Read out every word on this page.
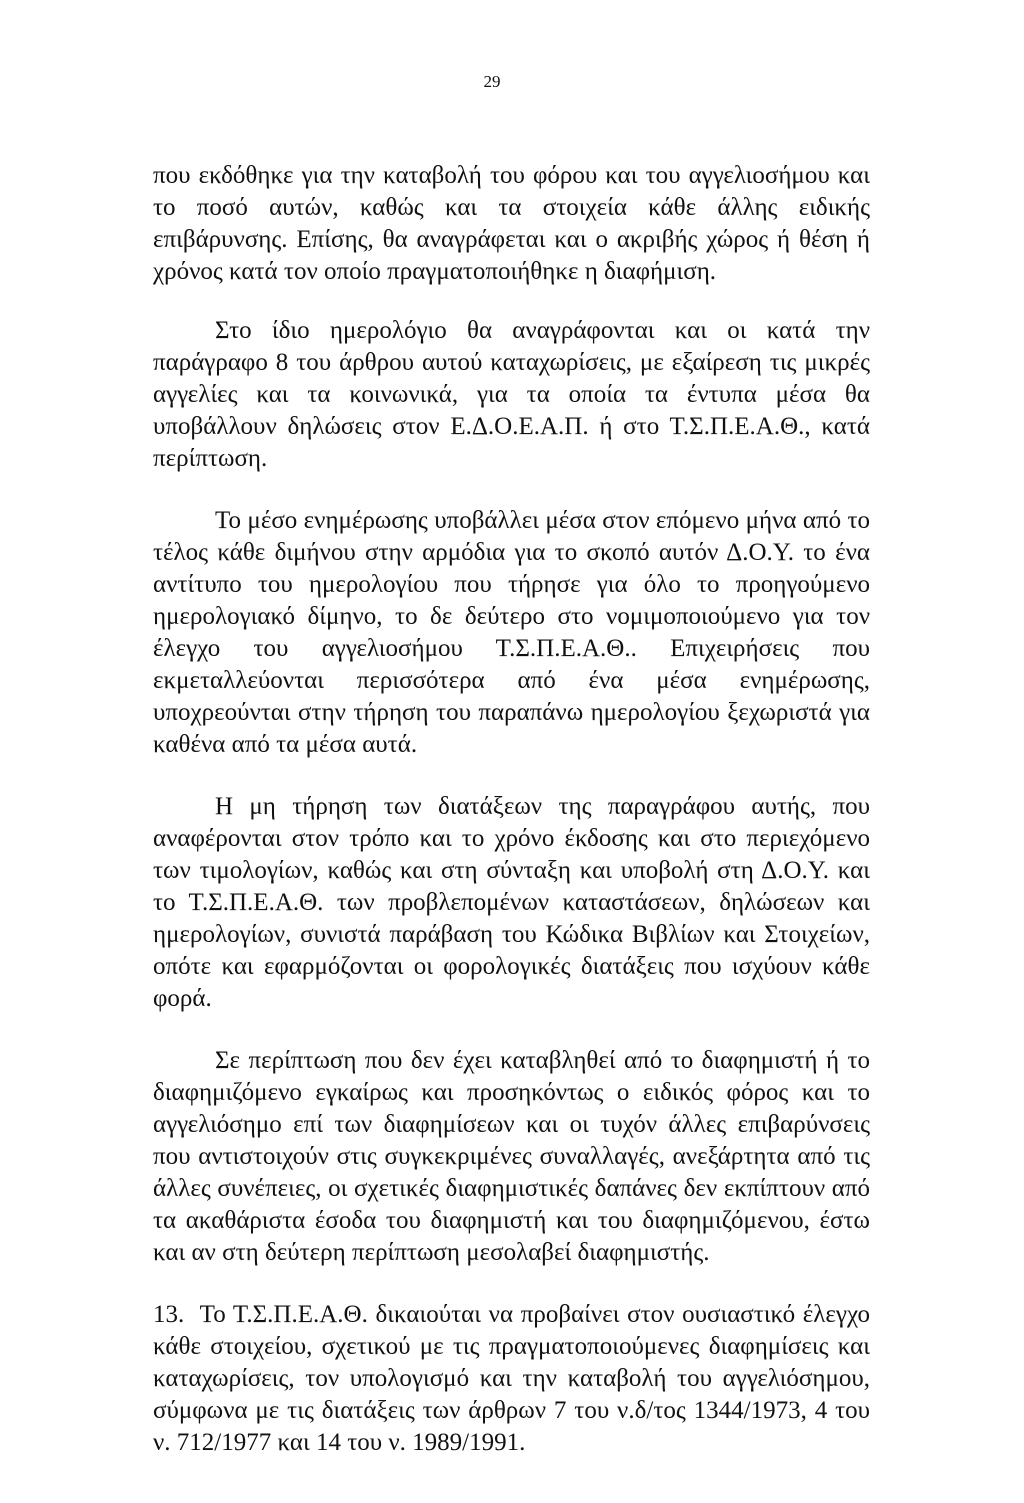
29

που εκδόθηκε για την καταβολή του φόρου και του αγγελιοσήμου και το ποσό αυτών, καθώς και τα στοιχεία κάθε άλλης ειδικής επιβάρυνσης. Επίσης, θα αναγράφεται και ο ακριβής χώρος ή θέση ή χρόνος κατά τον οποίο πραγματοποιήθηκε η διαφήμιση.

Στο ίδιο ημερολόγιο θα αναγράφονται και οι κατά την παράγραφο 8 του άρθρου αυτού καταχωρίσεις, με εξαίρεση τις μικρές αγγελίες και τα κοινωνικά, για τα οποία τα έντυπα μέσα θα υποβάλλουν δηλώσεις στον Ε.Δ.Ο.Ε.Α.Π. ή στο Τ.Σ.Π.Ε.Α.Θ., κατά περίπτωση.

Το μέσο ενημέρωσης υποβάλλει μέσα στον επόμενο μήνα από το τέλος κάθε διμήνου στην αρμόδια για το σκοπό αυτόν Δ.Ο.Υ. το ένα αντίτυπο του ημερολογίου που τήρησε για όλο το προηγούμενο ημερολογιακό δίμηνο, το δε δεύτερο στο νομιμοποιούμενο για τον έλεγχο του αγγελιοσήμου Τ.Σ.Π.Ε.Α.Θ.. Επιχειρήσεις που εκμεταλλεύονται περισσότερα από ένα μέσα ενημέρωσης, υποχρεούνται στην τήρηση του παραπάνω ημερολογίου ξεχωριστά για καθένα από τα μέσα αυτά.

Η μη τήρηση των διατάξεων της παραγράφου αυτής, που αναφέρονται στον τρόπο και το χρόνο έκδοσης και στο περιεχόμενο των τιμολογίων, καθώς και στη σύνταξη και υποβολή στη Δ.Ο.Υ. και το Τ.Σ.Π.Ε.Α.Θ. των προβλεπομένων καταστάσεων, δηλώσεων και ημερολογίων, συνιστά παράβαση του Κώδικα Βιβλίων και Στοιχείων, οπότε και εφαρμόζονται οι φορολογικές διατάξεις που ισχύουν κάθε φορά.

Σε περίπτωση που δεν έχει καταβληθεί από το διαφημιστή ή το διαφημιζόμενο εγκαίρως και προσηκόντως ο ειδικός φόρος και το αγγελιόσημο επί των διαφημίσεων και οι τυχόν άλλες επιβαρύνσεις που αντιστοιχούν στις συγκεκριμένες συναλλαγές, ανεξάρτητα από τις άλλες συνέπειες, οι σχετικές διαφημιστικές δαπάνες δεν εκπίπτουν από τα ακαθάριστα έσοδα του διαφημιστή και του διαφημιζόμενου, έστω και αν στη δεύτερη περίπτωση μεσολαβεί διαφημιστής.

13. Το Τ.Σ.Π.Ε.Α.Θ. δικαιούται να προβαίνει στον ουσιαστικό έλεγχο κάθε στοιχείου, σχετικού με τις πραγματοποιούμενες διαφημίσεις και καταχωρίσεις, τον υπολογισμό και την καταβολή του αγγελιόσημου, σύμφωνα με τις διατάξεις των άρθρων 7 του ν.δ/τος 1344/1973, 4 του ν. 712/1977 και 14 του ν. 1989/1991.
